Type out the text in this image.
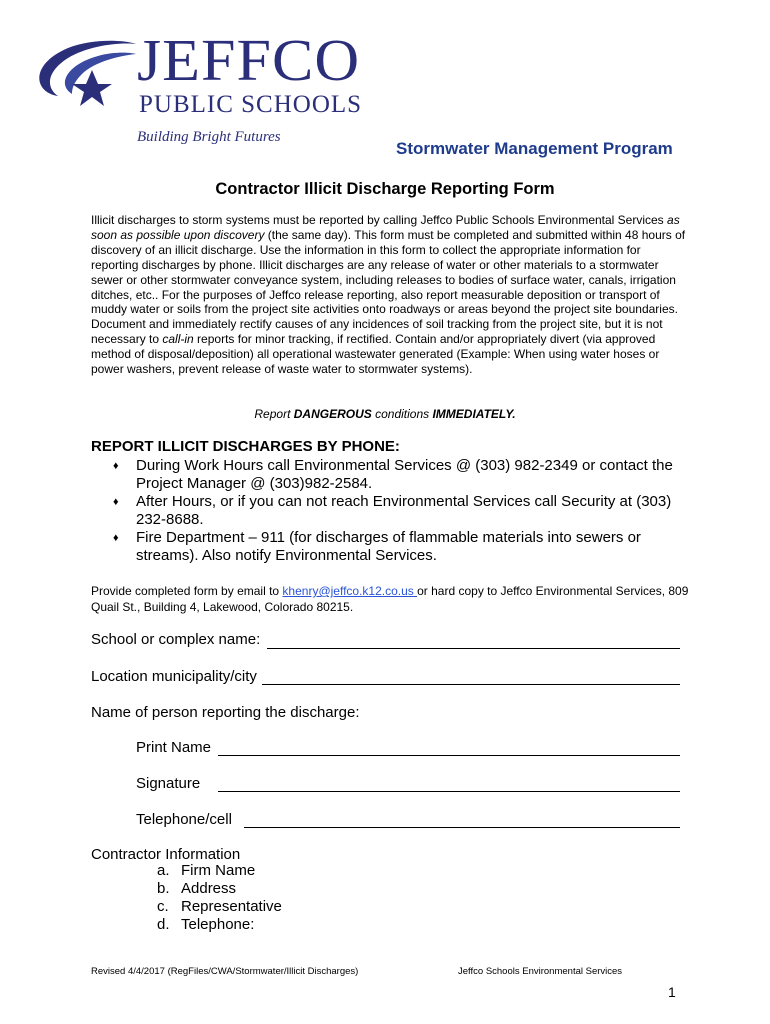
JEFFCO
PUBLIC SCHOOLS
Building Bright Futures
Stormwater Management Program
Contractor Illicit Discharge Reporting Form
Illicit discharges to storm systems must be reported by calling Jeffco Public Schools Environmental Services as soon as possible upon discovery (the same day). This form must be completed and submitted within 48 hours of discovery of an illicit discharge. Use the information in this form to collect the appropriate information for reporting discharges by phone. Illicit discharges are any release of water or other materials to a stormwater sewer or other stormwater conveyance system, including releases to bodies of surface water, canals, irrigation ditches, etc.. For the purposes of Jeffco release reporting, also report measurable deposition or transport of muddy water or soils from the project site activities onto roadways or areas beyond the project site boundaries. Document and immediately rectify causes of any incidences of soil tracking from the project site, but it is not necessary to call-in reports for minor tracking, if rectified. Contain and/or appropriately divert (via approved method of disposal/deposition) all operational wastewater generated (Example: When using water hoses or power washers, prevent release of waste water to stormwater systems).
Report DANGEROUS conditions IMMEDIATELY.
REPORT ILLICIT DISCHARGES BY PHONE:
♦ During Work Hours call Environmental Services @ (303) 982-2349 or contact the Project Manager @ (303)982-2584.
♦ After Hours, or if you can not reach Environmental Services call Security at (303) 232-8688.
♦ Fire Department – 911 (for discharges of flammable materials into sewers or streams). Also notify Environmental Services.
Provide completed form by email to khenry@jeffco.k12.co.us or hard copy to Jeffco Environmental Services, 809 Quail St., Building 4, Lakewood, Colorado 80215.
School or complex name:
Location municipality/city
Name of person reporting the discharge:
Print Name
Signature
Telephone/cell
Contractor Information
a. Firm Name
b. Address
c. Representative
d. Telephone:
Revised 4/4/2017 (RegFiles/CWA/Stormwater/Illicit Discharges)	Jeffco Schools Environmental Services
1
